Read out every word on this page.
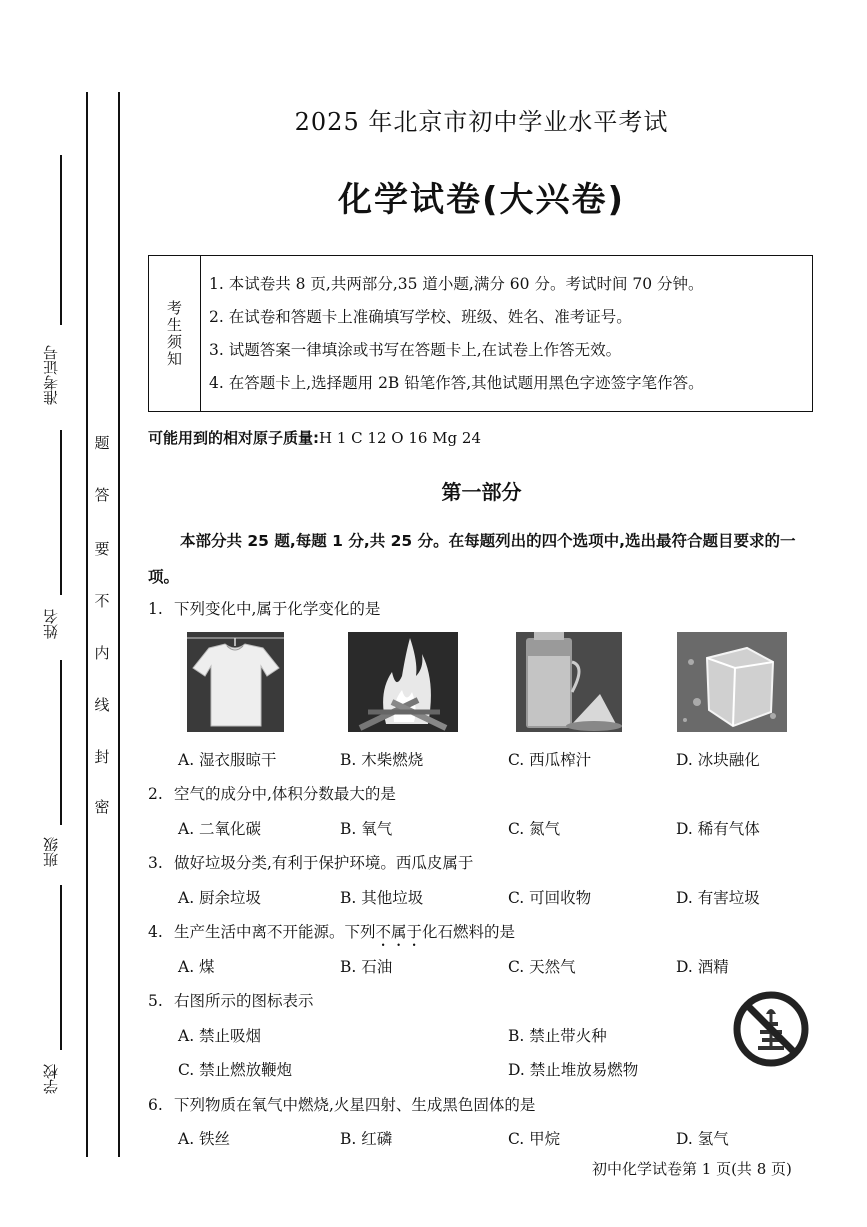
准考证号
姓名
班级
学校
密
封
线
内
不
要
答
题
2025 年北京市初中学业水平考试
化学试卷(大兴卷)
考生须知
1. 本试卷共 8 页,共两部分,35 道小题,满分 60 分。考试时间 70 分钟。
2. 在试卷和答题卡上准确填写学校、班级、姓名、准考证号。
3. 试题答案一律填涂或书写在答题卡上,在试卷上作答无效。
4. 在答题卡上,选择题用 2B 铅笔作答,其他试题用黑色字迹签字笔作答。
可能用到的相对原子质量:H 1 C 12 O 16 Mg 24
第一部分
本部分共 25 题,每题 1 分,共 25 分。在每题列出的四个选项中,选出最符合题目要求的一项。
1. 下列变化中,属于化学变化的是
A. 湿衣服晾干	B. 木柴燃烧	C. 西瓜榨汁	D. 冰块融化
2. 空气的成分中,体积分数最大的是
A. 二氧化碳	B. 氧气	C. 氮气	D. 稀有气体
3. 做好垃圾分类,有利于保护环境。西瓜皮属于
A. 厨余垃圾	B. 其他垃圾	C. 可回收物	D. 有害垃圾
4. 生产生活中离不开能源。下列不属于化石燃料的是
A. 煤	B. 石油	C. 天然气	D. 酒精
5. 右图所示的图标表示
A. 禁止吸烟	B. 禁止带火种
C. 禁止燃放鞭炮	D. 禁止堆放易燃物
6. 下列物质在氧气中燃烧,火星四射、生成黑色固体的是
A. 铁丝	B. 红磷	C. 甲烷	D. 氢气
初中化学试卷第 1 页(共 8 页)
